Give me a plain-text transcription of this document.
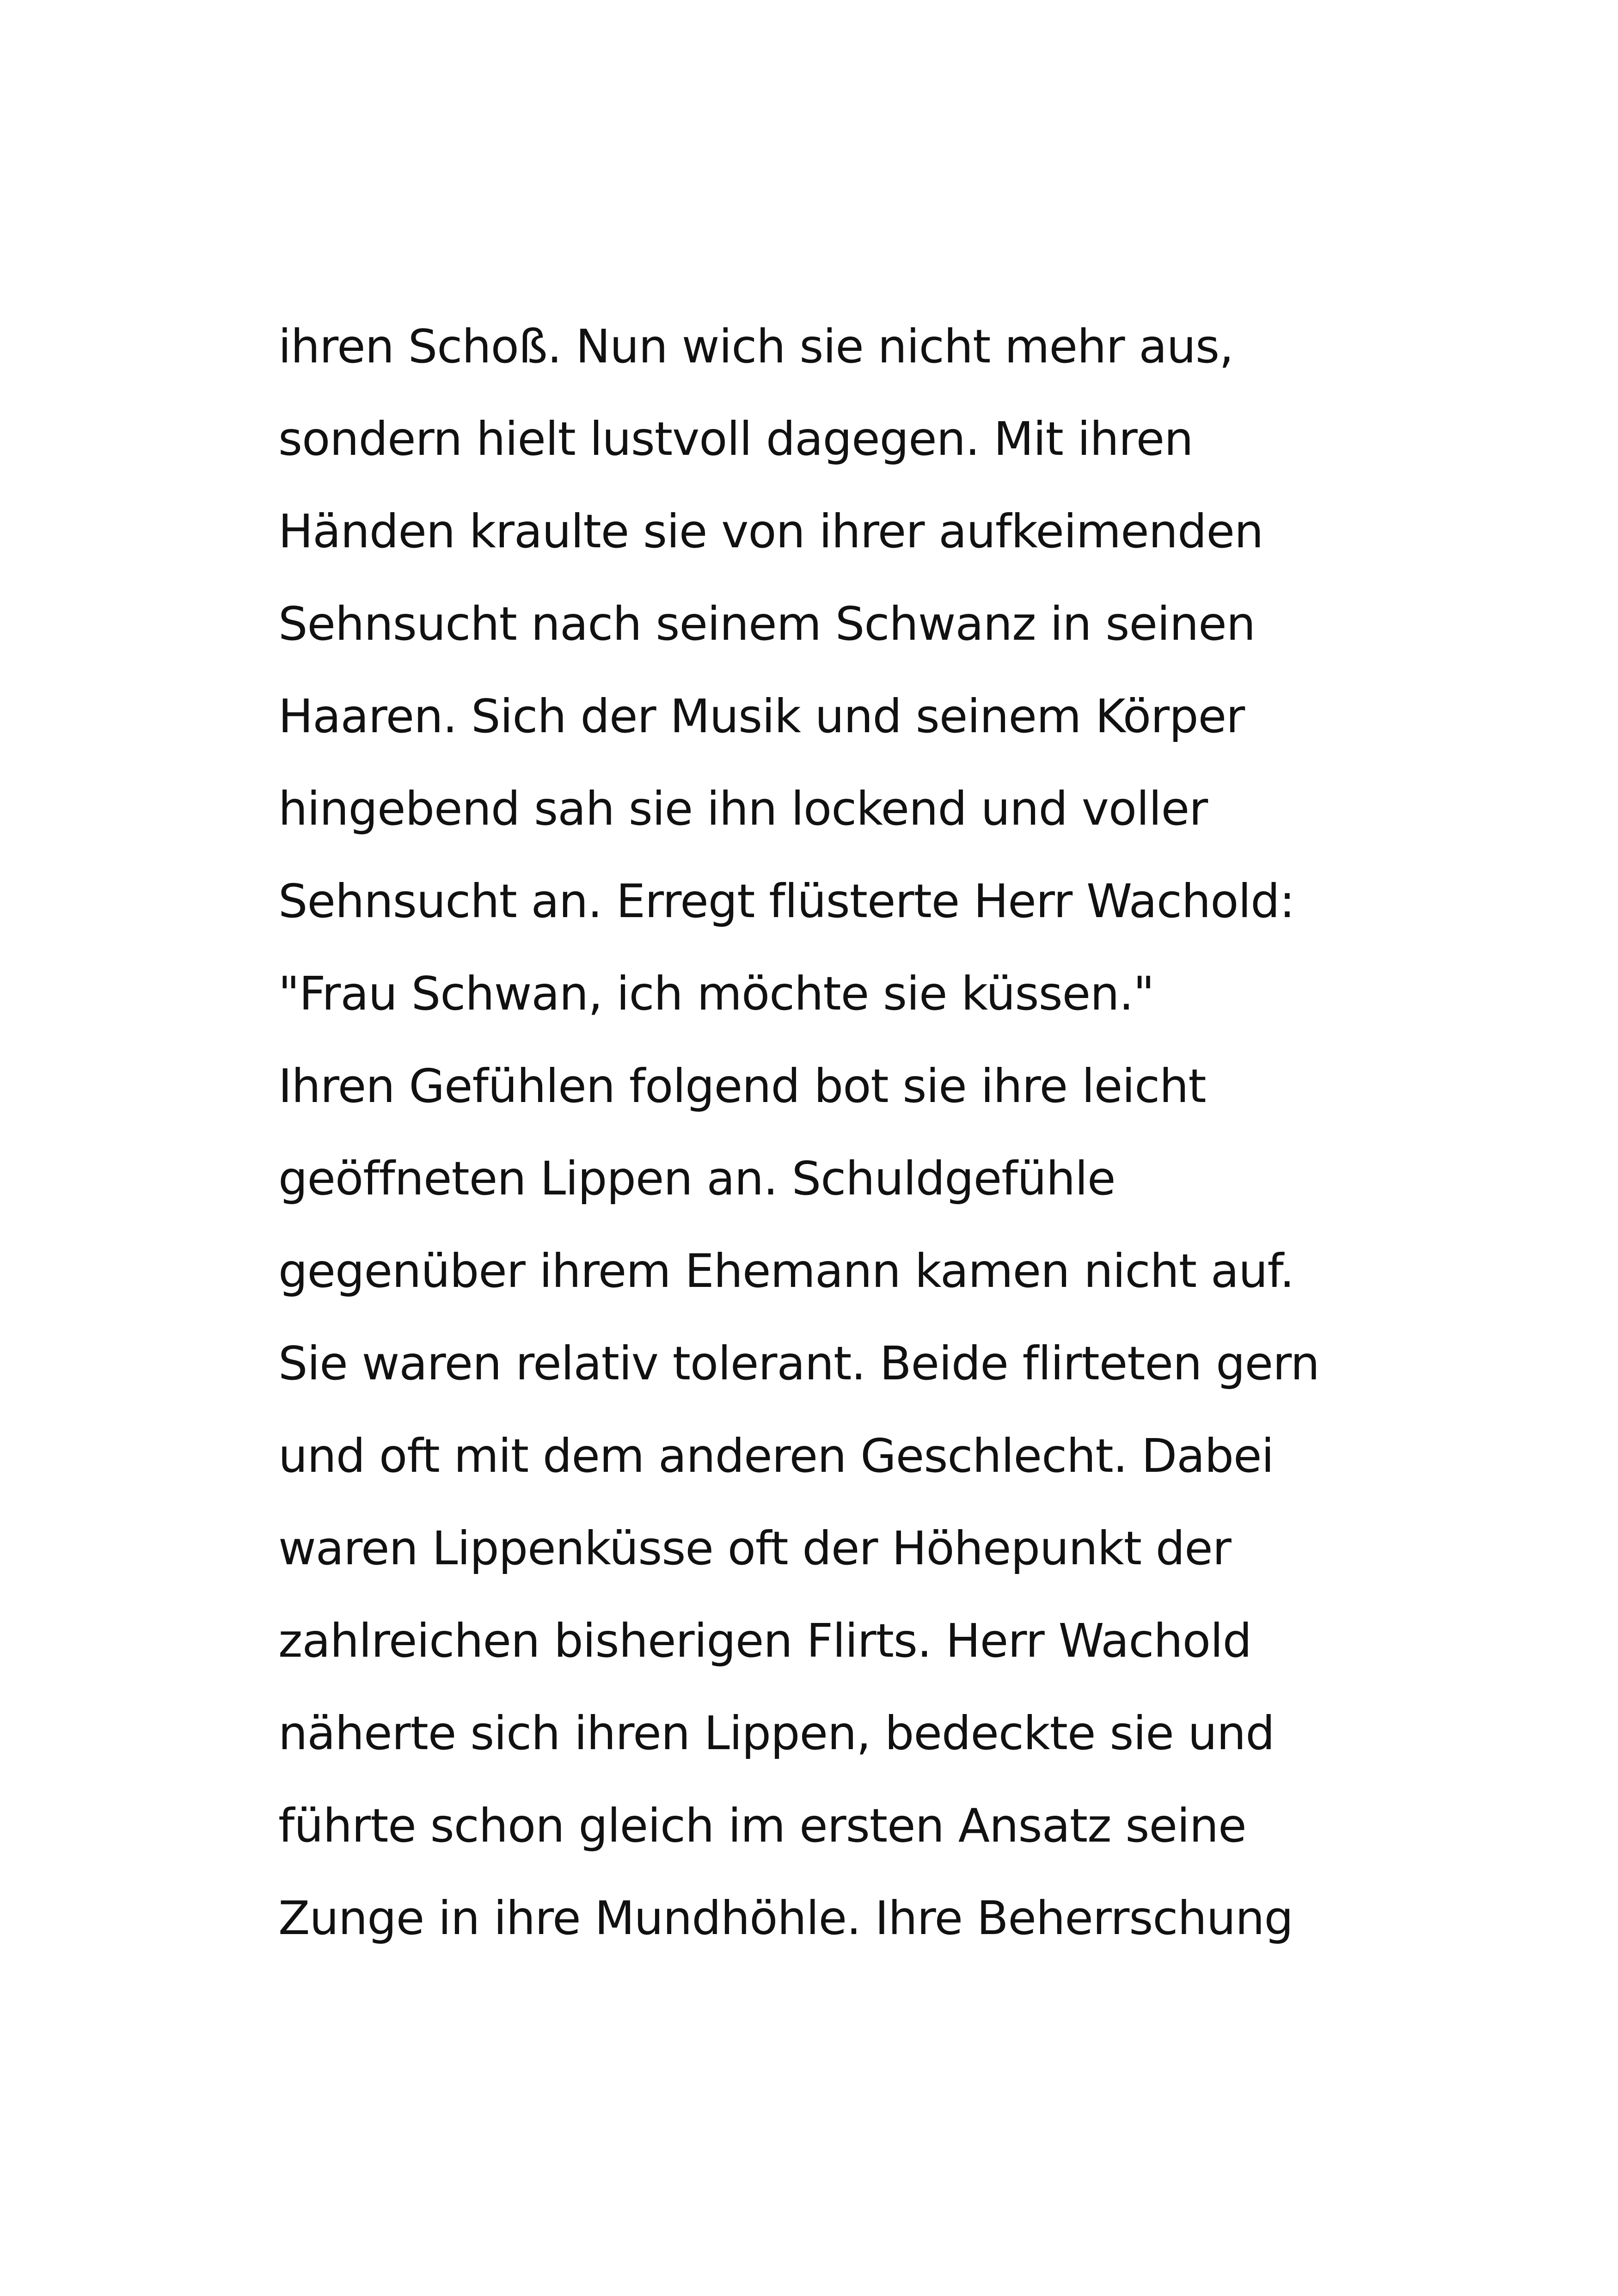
ihren Schoß. Nun wich sie nicht mehr aus,
sondern hielt lustvoll dagegen. Mit ihren
Händen kraulte sie von ihrer aufkeimenden
Sehnsucht nach seinem Schwanz in seinen
Haaren. Sich der Musik und seinem Körper
hingebend sah sie ihn lockend und voller
Sehnsucht an. Erregt flüsterte Herr Wachold:
"Frau Schwan, ich möchte sie küssen."
Ihren Gefühlen folgend bot sie ihre leicht
geöffneten Lippen an. Schuldgefühle
gegenüber ihrem Ehemann kamen nicht auf.
Sie waren relativ tolerant. Beide flirteten gern
und oft mit dem anderen Geschlecht. Dabei
waren Lippenküsse oft der Höhepunkt der
zahlreichen bisherigen Flirts. Herr Wachold
näherte sich ihren Lippen, bedeckte sie und
führte schon gleich im ersten Ansatz seine
Zunge in ihre Mundhöhle. Ihre Beherrschung
